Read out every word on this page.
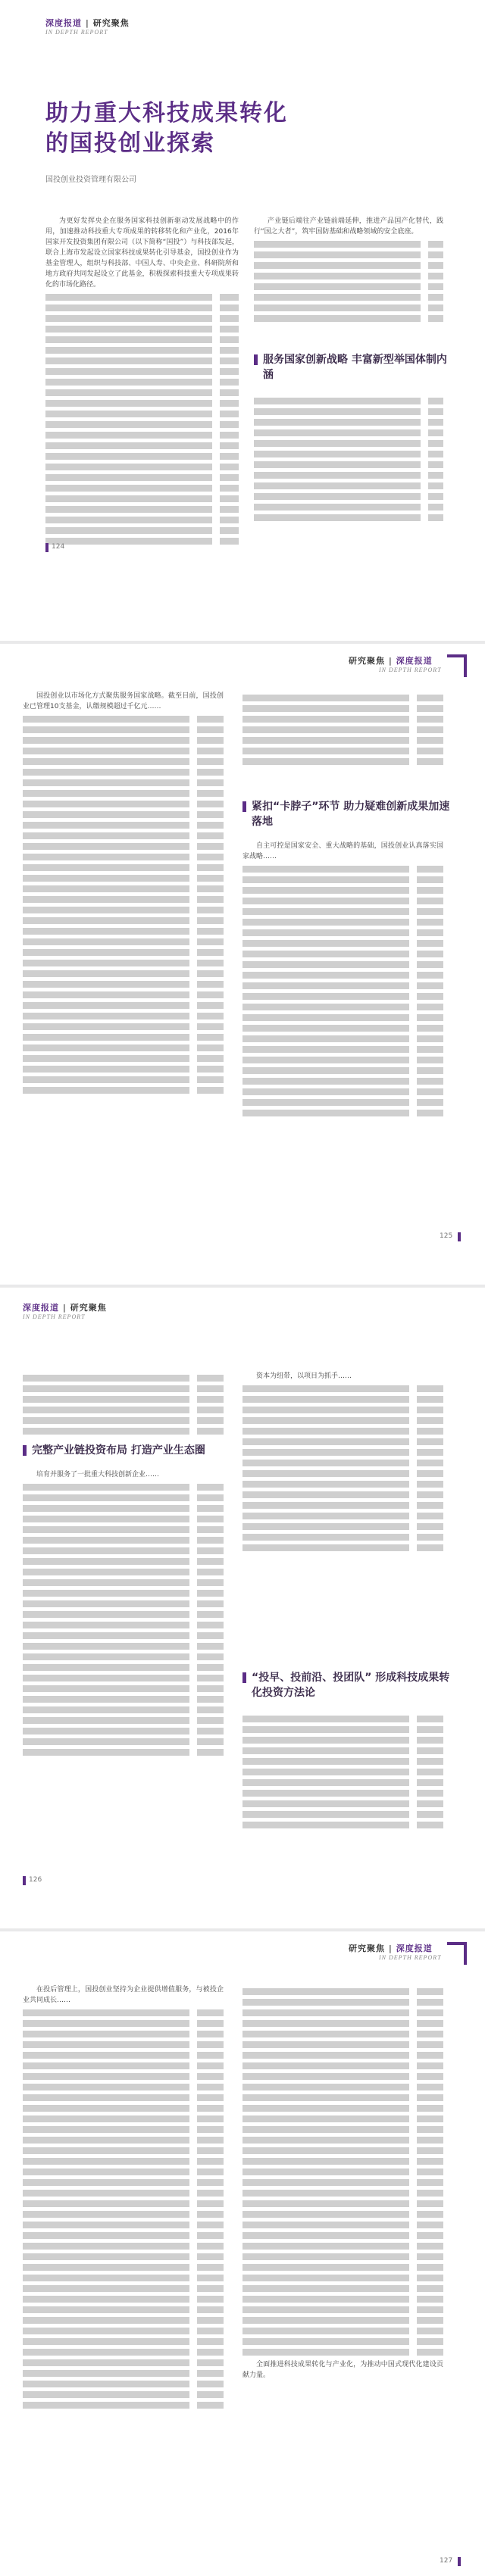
深度报道 | 研究聚焦
IN DEPTH REPORT
助力重大科技成果转化
的国投创业探索
国投创业投资管理有限公司

为更好发挥央企在服务国家科技创新驱动发展战略中的作用，加速推动科技重大专项成果的转移转化和产业化，2016年国家开发投资集团有限公司（以下简称“国投”）与科技部发起，联合上海市发起设立国家科技成果转化引导基金，国投创业作为基金管理人，组织与科技部、中国人寿、中央企业、科研院所和地方政府共同发起设立了此基金，积极探索科技重大专项成果转化的市场化路径。

产业链后端往产业链前端延伸，推进产品国产化替代，践行“国之大者”，筑牢国防基础和战略领域的安全底座。

服务国家创新战略 丰富新型举国体制内涵
124
研究聚焦 | 深度报道
IN DEPTH REPORT

国投创业以市场化方式聚焦服务国家战略。截至目前，国投创业已管理10支基金，认缴规模超过千亿元……

紧扣“卡脖子”环节 助力疑难创新成果加速落地

自主可控是国家安全、重大战略的基础，国投创业认真落实国家战略……

125
深度报道 | 研究聚焦
IN DEPTH REPORT
完整产业链投资布局 打造产业生态圈

培育并服务了一批重大科技创新企业……

资本为纽带，以项目为抓手……

“投早、投前沿、投团队” 形成科技成果转化投资方法论
126
研究聚焦 | 深度报道
IN DEPTH REPORT

在投后管理上，国投创业坚持为企业提供增值服务，与被投企业共同成长……

全面推进科技成果转化与产业化，为推动中国式现代化建设贡献力量。

127
